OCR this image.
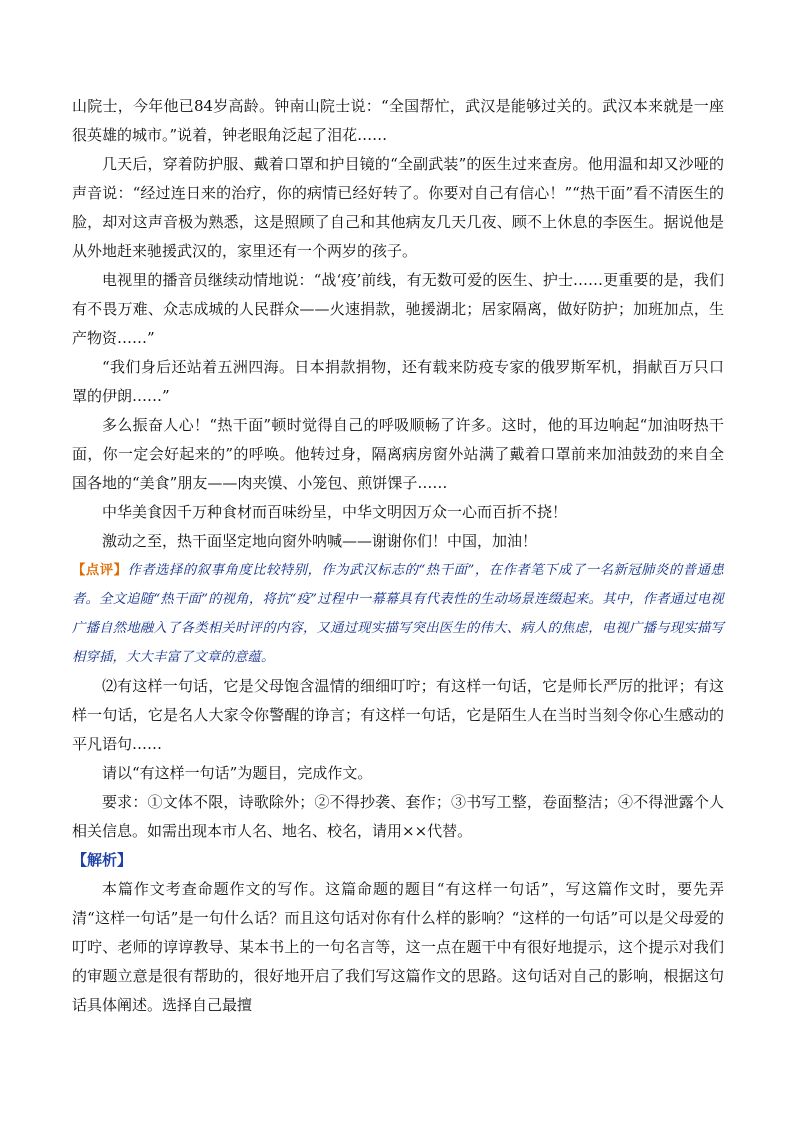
山院士，今年他已84岁高龄。钟南山院士说：“全国帮忙，武汉是能够过关的。武汉本来就是一座很英雄的城市。”说着，钟老眼角泛起了泪花……

几天后，穿着防护服、戴着口罩和护目镜的“全副武装”的医生过来查房。他用温和却又沙哑的声音说：“经过连日来的治疗，你的病情已经好转了。你要对自己有信心！”“热干面”看不清医生的脸，却对这声音极为熟悉，这是照顾了自己和其他病友几天几夜、顾不上休息的李医生。据说他是从外地赶来驰援武汉的，家里还有一个两岁的孩子。

电视里的播音员继续动情地说：“战‘疫’前线，有无数可爱的医生、护士……更重要的是，我们有不畏万难、众志成城的人民群众——火速捐款，驰援湖北；居家隔离，做好防护；加班加点，生产物资……”

“我们身后还站着五洲四海。日本捐款捐物，还有载来防疫专家的俄罗斯军机，捐献百万只口罩的伊朗……”

多么振奋人心！“热干面”顿时觉得自己的呼吸顺畅了许多。这时，他的耳边响起“加油呀热干面，你一定会好起来的”的呼唤。他转过身，隔离病房窗外站满了戴着口罩前来加油鼓劲的来自全国各地的“美食”朋友——肉夹馍、小笼包、煎饼馃子……

中华美食因千万种食材而百味纷呈，中华文明因万众一心而百折不挠！

激动之至，热干面坚定地向窗外呐喊——谢谢你们！中国，加油！

【点评】作者选择的叙事角度比较特别，作为武汉标志的“热干面”，在作者笔下成了一名新冠肺炎的普通患者。全文追随“热干面”的视角，将抗“疫”过程中一幕幕具有代表性的生动场景连缀起来。其中，作者通过电视广播自然地融入了各类相关时评的内容，又通过现实描写突出医生的伟大、病人的焦虑，电视广播与现实描写相穿插，大大丰富了文章的意蕴。

⑵有这样一句话，它是父母饱含温情的细细叮咛；有这样一句话，它是师长严厉的批评；有这样一句话，它是名人大家令你警醒的诤言；有这样一句话，它是陌生人在当时当刻令你心生感动的平凡语句……

请以“有这样一句话”为题目，完成作文。

要求：①文体不限，诗歌除外；②不得抄袭、套作；③书写工整，卷面整洁；④不得泄露个人相关信息。如需出现本市人名、地名、校名，请用××代替。

【解析】

本篇作文考查命题作文的写作。这篇命题的题目“有这样一句话”，写这篇作文时，要先弄清“这样一句话”是一句什么话？而且这句话对你有什么样的影响？“这样的一句话”可以是父母爱的叮咛、老师的谆谆教导、某本书上的一句名言等，这一点在题干中有很好地提示，这个提示对我们的审题立意是很有帮助的，很好地开启了我们写这篇作文的思路。这句话对自己的影响，根据这句话具体阐述。选择自己最擅
